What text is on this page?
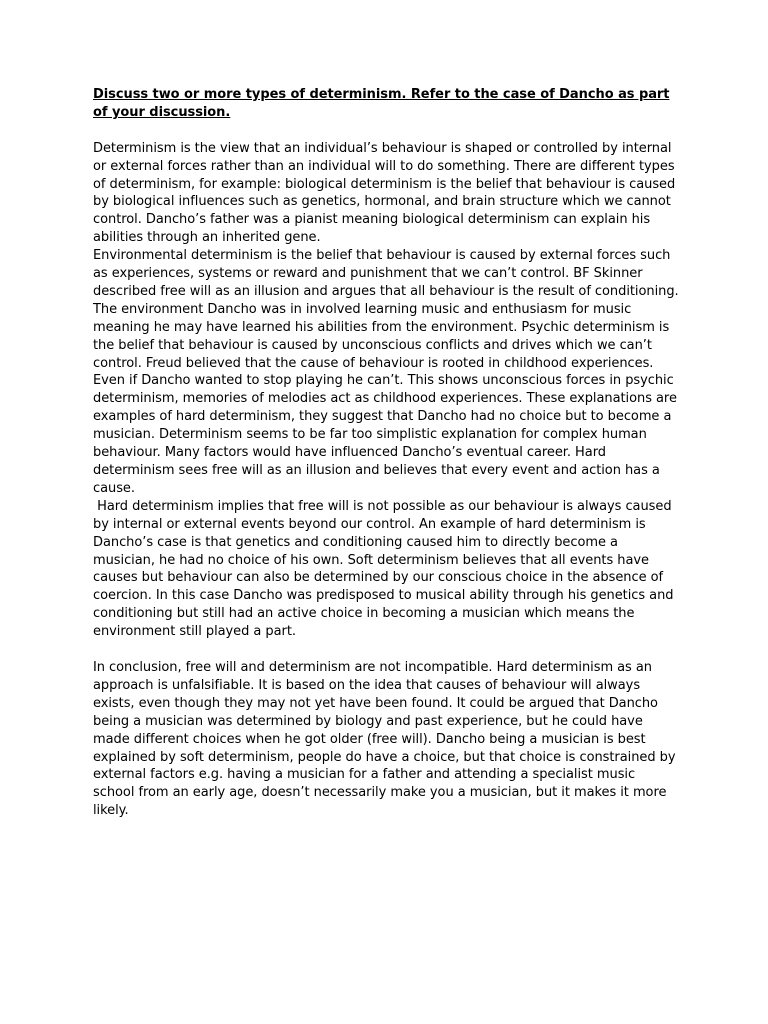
Discuss two or more types of determinism. Refer to the case of Dancho as part of your discussion.

Determinism is the view that an individual’s behaviour is shaped or controlled by internal or external forces rather than an individual will to do something. There are different types of determinism, for example: biological determinism is the belief that behaviour is caused by biological influences such as genetics, hormonal, and brain structure which we cannot control. Dancho’s father was a pianist meaning biological determinism can explain his abilities through an inherited gene.

Environmental determinism is the belief that behaviour is caused by external forces such as experiences, systems or reward and punishment that we can’t control. BF Skinner described free will as an illusion and argues that all behaviour is the result of conditioning. The environment Dancho was in involved learning music and enthusiasm for music meaning he may have learned his abilities from the environment. Psychic determinism is the belief that behaviour is caused by unconscious conflicts and drives which we can’t control. Freud believed that the cause of behaviour is rooted in childhood experiences. Even if Dancho wanted to stop playing he can’t. This shows unconscious forces in psychic determinism, memories of melodies act as childhood experiences. These explanations are examples of hard determinism, they suggest that Dancho had no choice but to become a musician. Determinism seems to be far too simplistic explanation for complex human behaviour. Many factors would have influenced Dancho’s eventual career. Hard determinism sees free will as an illusion and believes that every event and action has a cause.

Hard determinism implies that free will is not possible as our behaviour is always caused by internal or external events beyond our control. An example of hard determinism is Dancho’s case is that genetics and conditioning caused him to directly become a musician, he had no choice of his own. Soft determinism believes that all events have causes but behaviour can also be determined by our conscious choice in the absence of coercion. In this case Dancho was predisposed to musical ability through his genetics and conditioning but still had an active choice in becoming a musician which means the environment still played a part.

In conclusion, free will and determinism are not incompatible. Hard determinism as an approach is unfalsifiable. It is based on the idea that causes of behaviour will always exists, even though they may not yet have been found. It could be argued that Dancho being a musician was determined by biology and past experience, but he could have made different choices when he got older (free will). Dancho being a musician is best explained by soft determinism, people do have a choice, but that choice is constrained by external factors e.g. having a musician for a father and attending a specialist music school from an early age, doesn’t necessarily make you a musician, but it makes it more likely.
